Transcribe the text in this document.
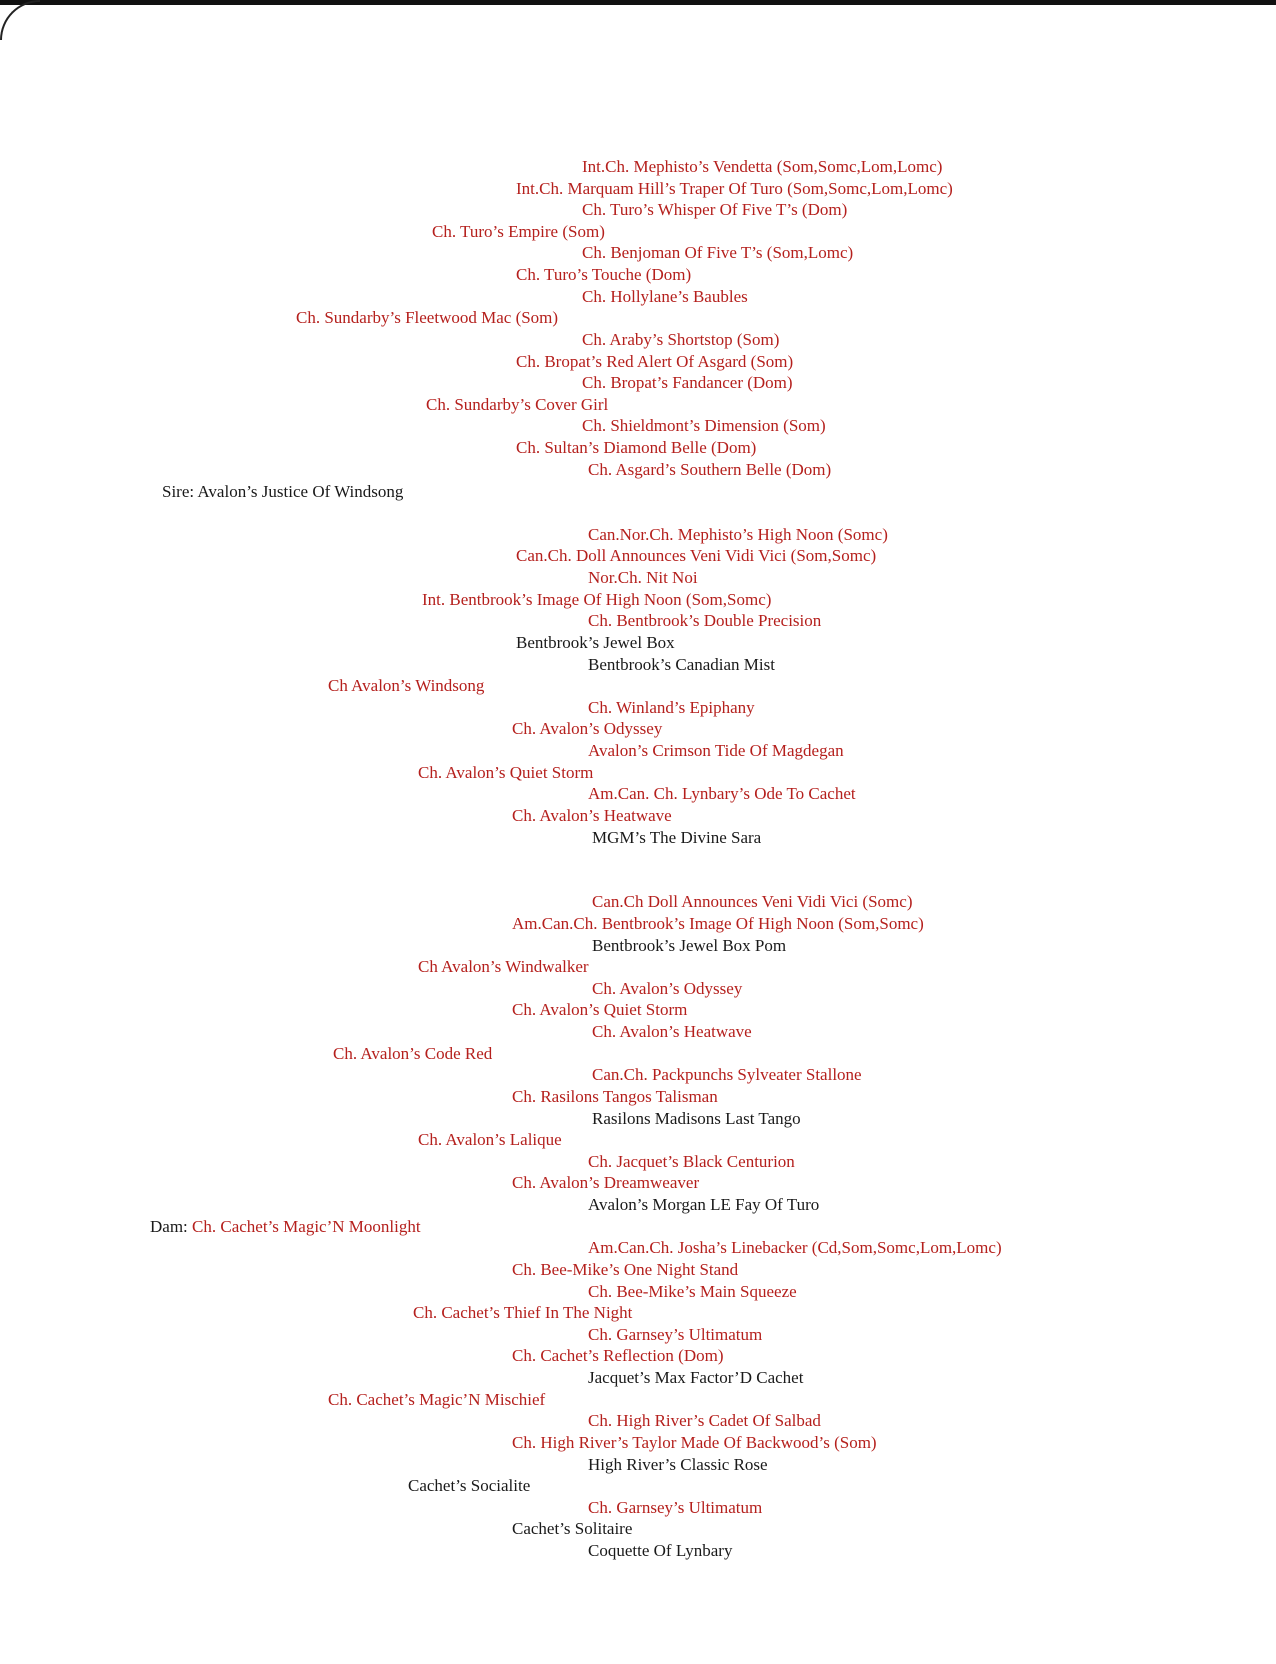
Int.Ch. Mephisto’s Vendetta (Som,Somc,Lom,Lomc)
Int.Ch. Marquam Hill’s Traper Of Turo (Som,Somc,Lom,Lomc)
Ch. Turo’s Whisper Of Five T’s (Dom)
Ch. Turo’s Empire (Som)
Ch. Benjoman Of Five T’s (Som,Lomc)
Ch. Turo’s Touche (Dom)
Ch. Hollylane’s Baubles
Ch. Sundarby’s Fleetwood Mac (Som)
Ch. Araby’s Shortstop (Som)
Ch. Bropat’s Red Alert Of Asgard (Som)
Ch. Bropat’s Fandancer (Dom)
Ch. Sundarby’s Cover Girl
Ch. Shieldmont’s Dimension (Som)
Ch. Sultan’s Diamond Belle (Dom)
Ch. Asgard’s Southern Belle (Dom)
Sire: Avalon’s Justice Of Windsong
Can.Nor.Ch. Mephisto’s High Noon (Somc)
Can.Ch. Doll Announces Veni Vidi Vici (Som,Somc)
Nor.Ch. Nit Noi
Int. Bentbrook’s Image Of High Noon (Som,Somc)
Ch. Bentbrook’s Double Precision
Bentbrook’s Jewel Box
Bentbrook’s Canadian Mist
Ch Avalon’s Windsong
Ch. Winland’s Epiphany
Ch. Avalon’s Odyssey
Avalon’s Crimson Tide Of Magdegan
Ch. Avalon’s Quiet Storm
Am.Can. Ch. Lynbary’s Ode To Cachet
Ch. Avalon’s Heatwave
MGM’s The Divine Sara
Can.Ch Doll Announces Veni Vidi Vici (Somc)
Am.Can.Ch. Bentbrook’s Image Of High Noon (Som,Somc)
Bentbrook’s Jewel Box Pom
Ch Avalon’s Windwalker
Ch. Avalon’s Odyssey
Ch. Avalon’s Quiet Storm
Ch. Avalon’s Heatwave
Ch. Avalon’s Code Red
Can.Ch. Packpunchs Sylveater Stallone
Ch. Rasilons Tangos Talisman
Rasilons Madisons Last Tango
Ch. Avalon’s Lalique
Ch. Jacquet’s Black Centurion
Ch. Avalon’s Dreamweaver
Avalon’s Morgan LE Fay Of Turo
Dam: Ch. Cachet’s Magic’N Moonlight
Am.Can.Ch. Josha’s Linebacker (Cd,Som,Somc,Lom,Lomc)
Ch. Bee-Mike’s One Night Stand
Ch. Bee-Mike’s Main Squeeze
Ch. Cachet’s Thief In The Night
Ch. Garnsey’s Ultimatum
Ch. Cachet’s Reflection (Dom)
Jacquet’s Max Factor’D Cachet
Ch. Cachet’s Magic’N Mischief
Ch. High River’s Cadet Of Salbad
Ch. High River’s Taylor Made Of Backwood’s (Som)
High River’s Classic Rose
Cachet’s Socialite
Ch. Garnsey’s Ultimatum
Cachet’s Solitaire
Coquette Of Lynbary
